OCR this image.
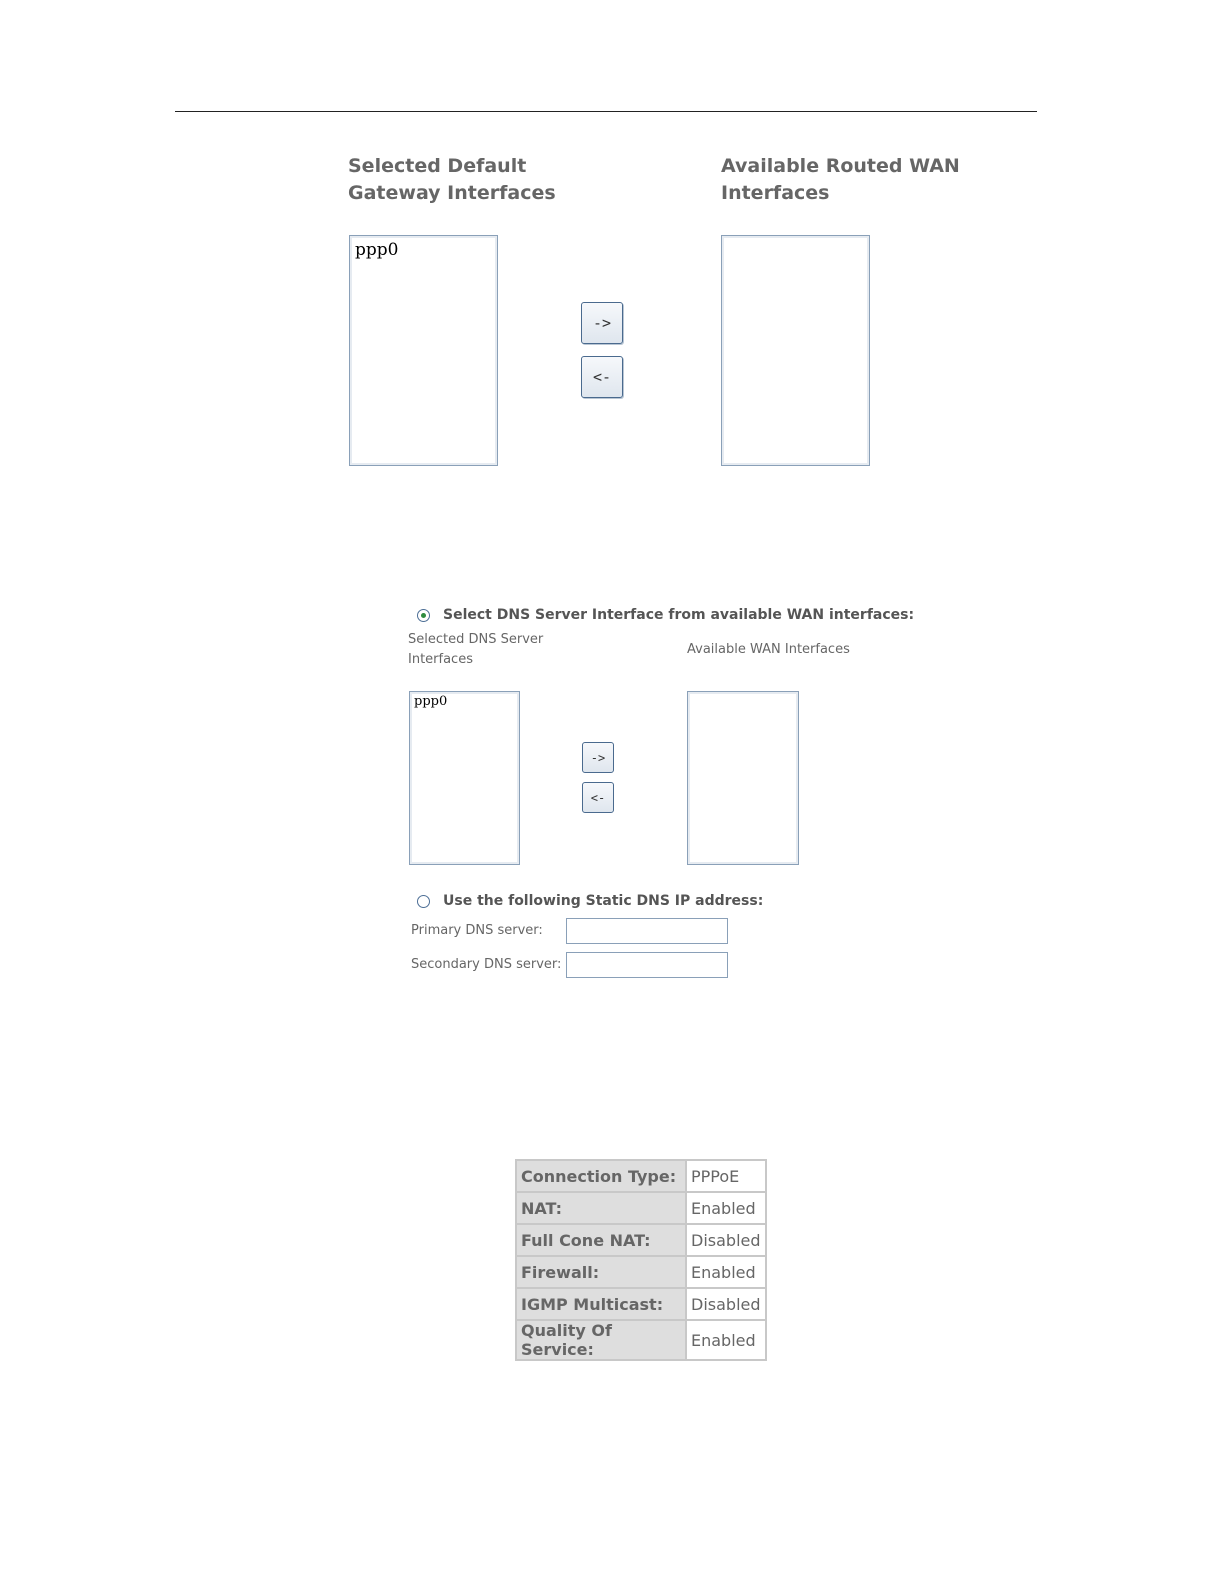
Selected Default
Gateway Interfaces
Available Routed WAN
Interfaces
ppp0
->
<-
Select DNS Server Interface from available WAN interfaces:
Selected DNS Server
Interfaces
Available WAN Interfaces
ppp0
->
<-
Use the following Static DNS IP address:
Primary DNS server:
Secondary DNS server:
Connection Type:	PPPoE
NAT:	Enabled
Full Cone NAT:	Disabled
Firewall:	Enabled
IGMP Multicast:	Disabled
Quality Of Service:	Enabled
